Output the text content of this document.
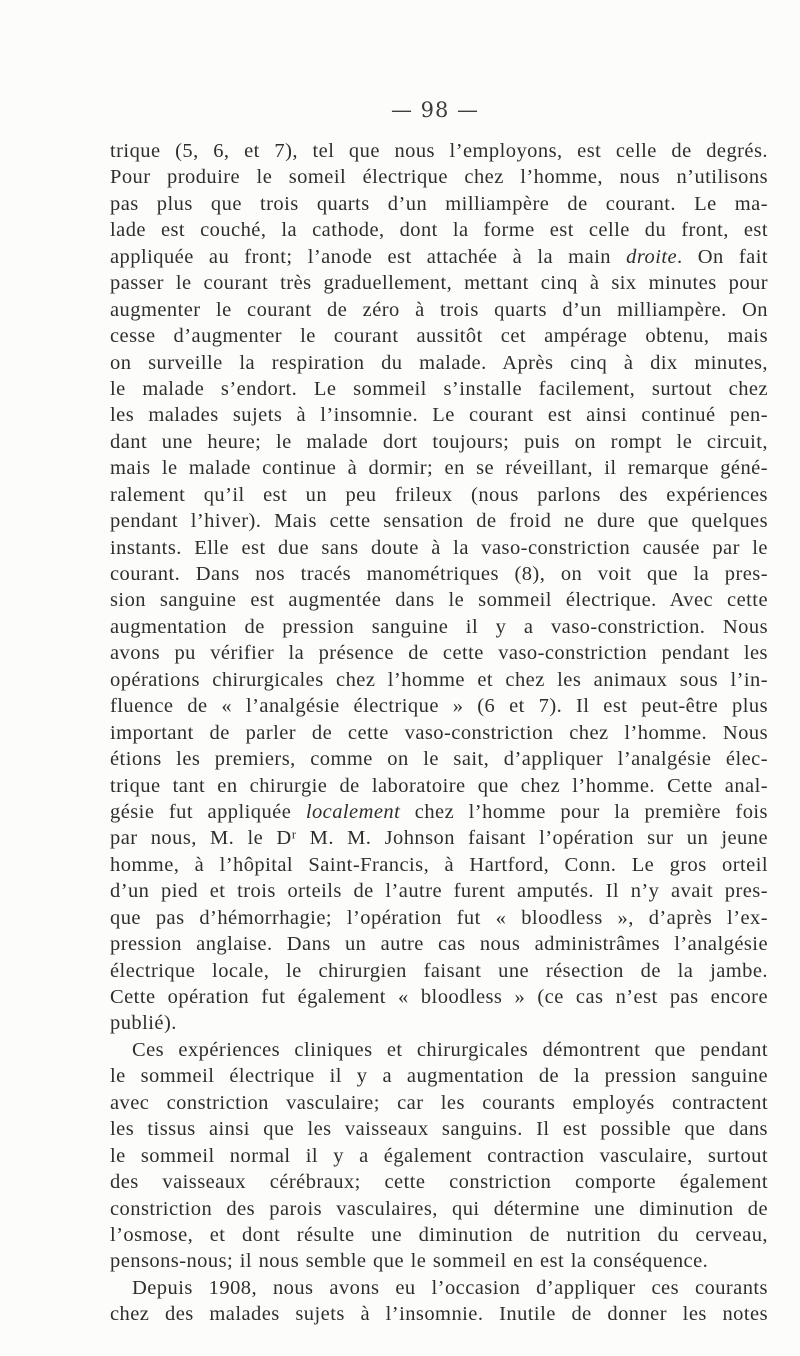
— 98 —
trique (5, 6, et 7), tel que nous l’employons, est celle de degrés.
Pour produire le someil électrique chez l’homme, nous n’utilisons
pas plus que trois quarts d’un milliampère de courant. Le ma-
lade est couché, la cathode, dont la forme est celle du front, est
appliquée au front; l’anode est attachée à la main droite. On fait
passer le courant très graduellement, mettant cinq à six minutes pour
augmenter le courant de zéro à trois quarts d’un milliampère. On
cesse d’augmenter le courant aussitôt cet ampérage obtenu, mais
on surveille la respiration du malade. Après cinq à dix minutes,
le malade s’endort. Le sommeil s’installe facilement, surtout chez
les malades sujets à l’insomnie. Le courant est ainsi continué pen-
dant une heure; le malade dort toujours; puis on rompt le circuit,
mais le malade continue à dormir; en se réveillant, il remarque géné-
ralement qu’il est un peu frileux (nous parlons des expériences
pendant l’hiver). Mais cette sensation de froid ne dure que quelques
instants. Elle est due sans doute à la vaso-constriction causée par le
courant. Dans nos tracés manométriques (8), on voit que la pres-
sion sanguine est augmentée dans le sommeil électrique. Avec cette
augmentation de pression sanguine il y a vaso-constriction. Nous
avons pu vérifier la présence de cette vaso-constriction pendant les
opérations chirurgicales chez l’homme et chez les animaux sous l’in-
fluence de « l’analgésie électrique » (6 et 7). Il est peut-être plus
important de parler de cette vaso-constriction chez l’homme. Nous
étions les premiers, comme on le sait, d’appliquer l’analgésie élec-
trique tant en chirurgie de laboratoire que chez l’homme. Cette anal-
gésie fut appliquée localement chez l’homme pour la première fois
par nous, M. le Dʳ M. M. Johnson faisant l’opération sur un jeune
homme, à l’hôpital Saint-Francis, à Hartford, Conn. Le gros orteil
d’un pied et trois orteils de l’autre furent amputés. Il n’y avait pres-
que pas d’hémorrhagie; l’opération fut « bloodless », d’après l’ex-
pression anglaise. Dans un autre cas nous administrâmes l’analgésie
électrique locale, le chirurgien faisant une résection de la jambe.
Cette opération fut également « bloodless » (ce cas n’est pas encore
publié).
Ces expériences cliniques et chirurgicales démontrent que pendant
le sommeil électrique il y a augmentation de la pression sanguine
avec constriction vasculaire; car les courants employés contractent
les tissus ainsi que les vaisseaux sanguins. Il est possible que dans
le sommeil normal il y a également contraction vasculaire, surtout
des vaisseaux cérébraux; cette constriction comporte également
constriction des parois vasculaires, qui détermine une diminution de
l’osmose, et dont résulte une diminution de nutrition du cerveau,
pensons-nous; il nous semble que le sommeil en est la conséquence.
Depuis 1908, nous avons eu l’occasion d’appliquer ces courants
chez des malades sujets à l’insomnie. Inutile de donner les notes
